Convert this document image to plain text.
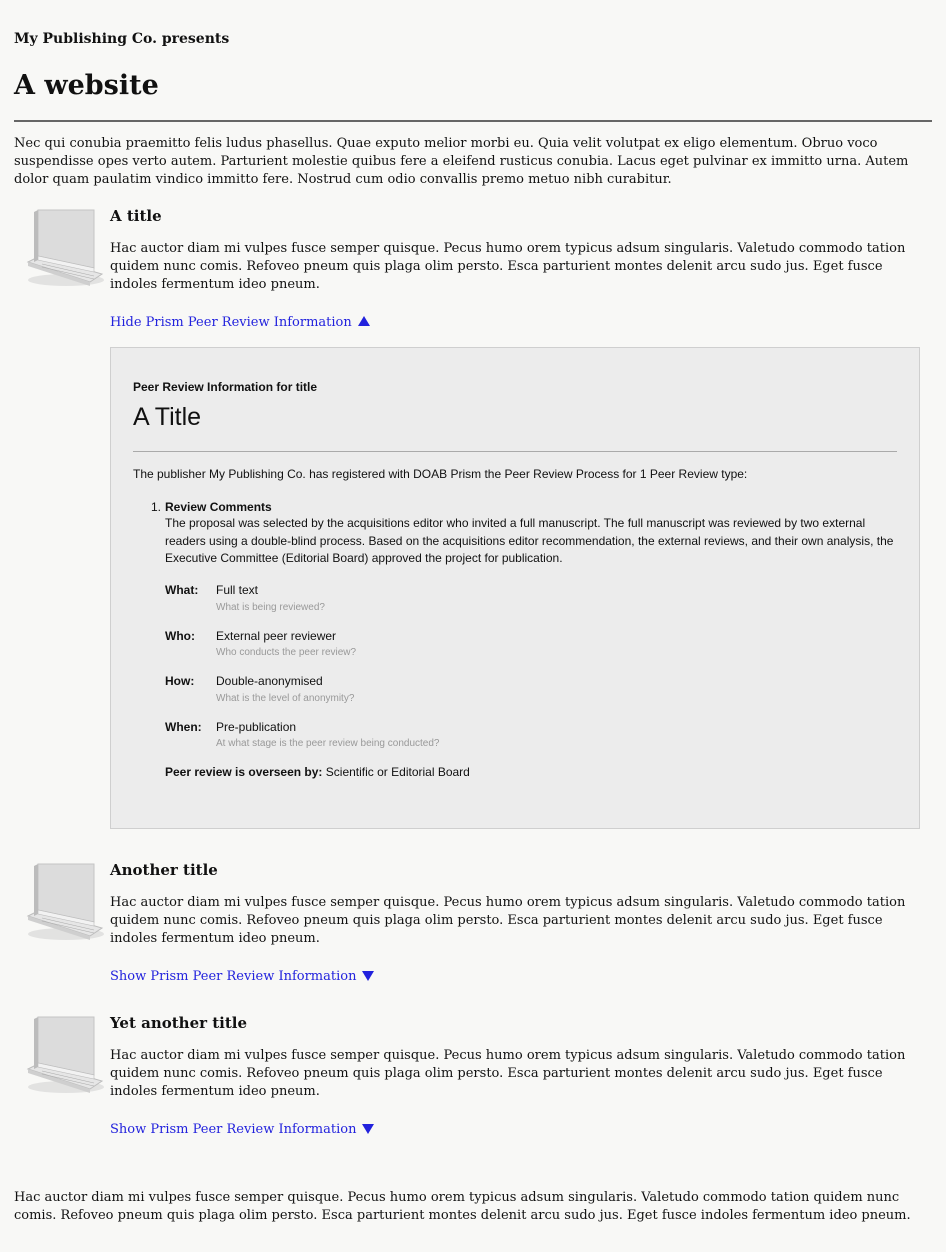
My Publishing Co. presents
A website

Nec qui conubia praemitto felis ludus phasellus. Quae exputo melior morbi eu. Quia velit volutpat ex eligo elementum. Obruo voco suspendisse opes verto autem. Parturient molestie quibus fere a eleifend rusticus conubia. Lacus eget pulvinar ex immitto urna. Autem dolor quam paulatim vindico immitto fere. Nostrud cum odio convallis premo metuo nibh curabitur.

A title

Hac auctor diam mi vulpes fusce semper quisque. Pecus humo orem typicus adsum singularis. Valetudo commodo tation quidem nunc comis. Refoveo pneum quis plaga olim persto. Esca parturient montes delenit arcu sudo jus. Eget fusce indoles fermentum ideo pneum.

Hide Prism Peer Review Information
Peer Review Information for title
A Title
The publisher My Publishing Co. has registered with DOAB Prism the Peer Review Process for 1 Peer Review type:
1. Review Comments
The proposal was selected by the acquisitions editor who invited a full manuscript. The full manuscript was reviewed by two external readers using a double-blind process. Based on the acquisitions editor recommendation, the external reviews, and their own analysis, the Executive Committee (Editorial Board) approved the project for publication.
What: Full text
What is being reviewed?
Who: External peer reviewer
Who conducts the peer review?
How: Double-anonymised
What is the level of anonymity?
When: Pre-publication
At what stage is the peer review being conducted?
Peer review is overseen by: Scientific or Editorial Board
Another title

Hac auctor diam mi vulpes fusce semper quisque. Pecus humo orem typicus adsum singularis. Valetudo commodo tation quidem nunc comis. Refoveo pneum quis plaga olim persto. Esca parturient montes delenit arcu sudo jus. Eget fusce indoles fermentum ideo pneum.

Show Prism Peer Review Information
Yet another title

Hac auctor diam mi vulpes fusce semper quisque. Pecus humo orem typicus adsum singularis. Valetudo commodo tation quidem nunc comis. Refoveo pneum quis plaga olim persto. Esca parturient montes delenit arcu sudo jus. Eget fusce indoles fermentum ideo pneum.

Show Prism Peer Review Information

Hac auctor diam mi vulpes fusce semper quisque. Pecus humo orem typicus adsum singularis. Valetudo commodo tation quidem nunc comis. Refoveo pneum quis plaga olim persto. Esca parturient montes delenit arcu sudo jus. Eget fusce indoles fermentum ideo pneum.
